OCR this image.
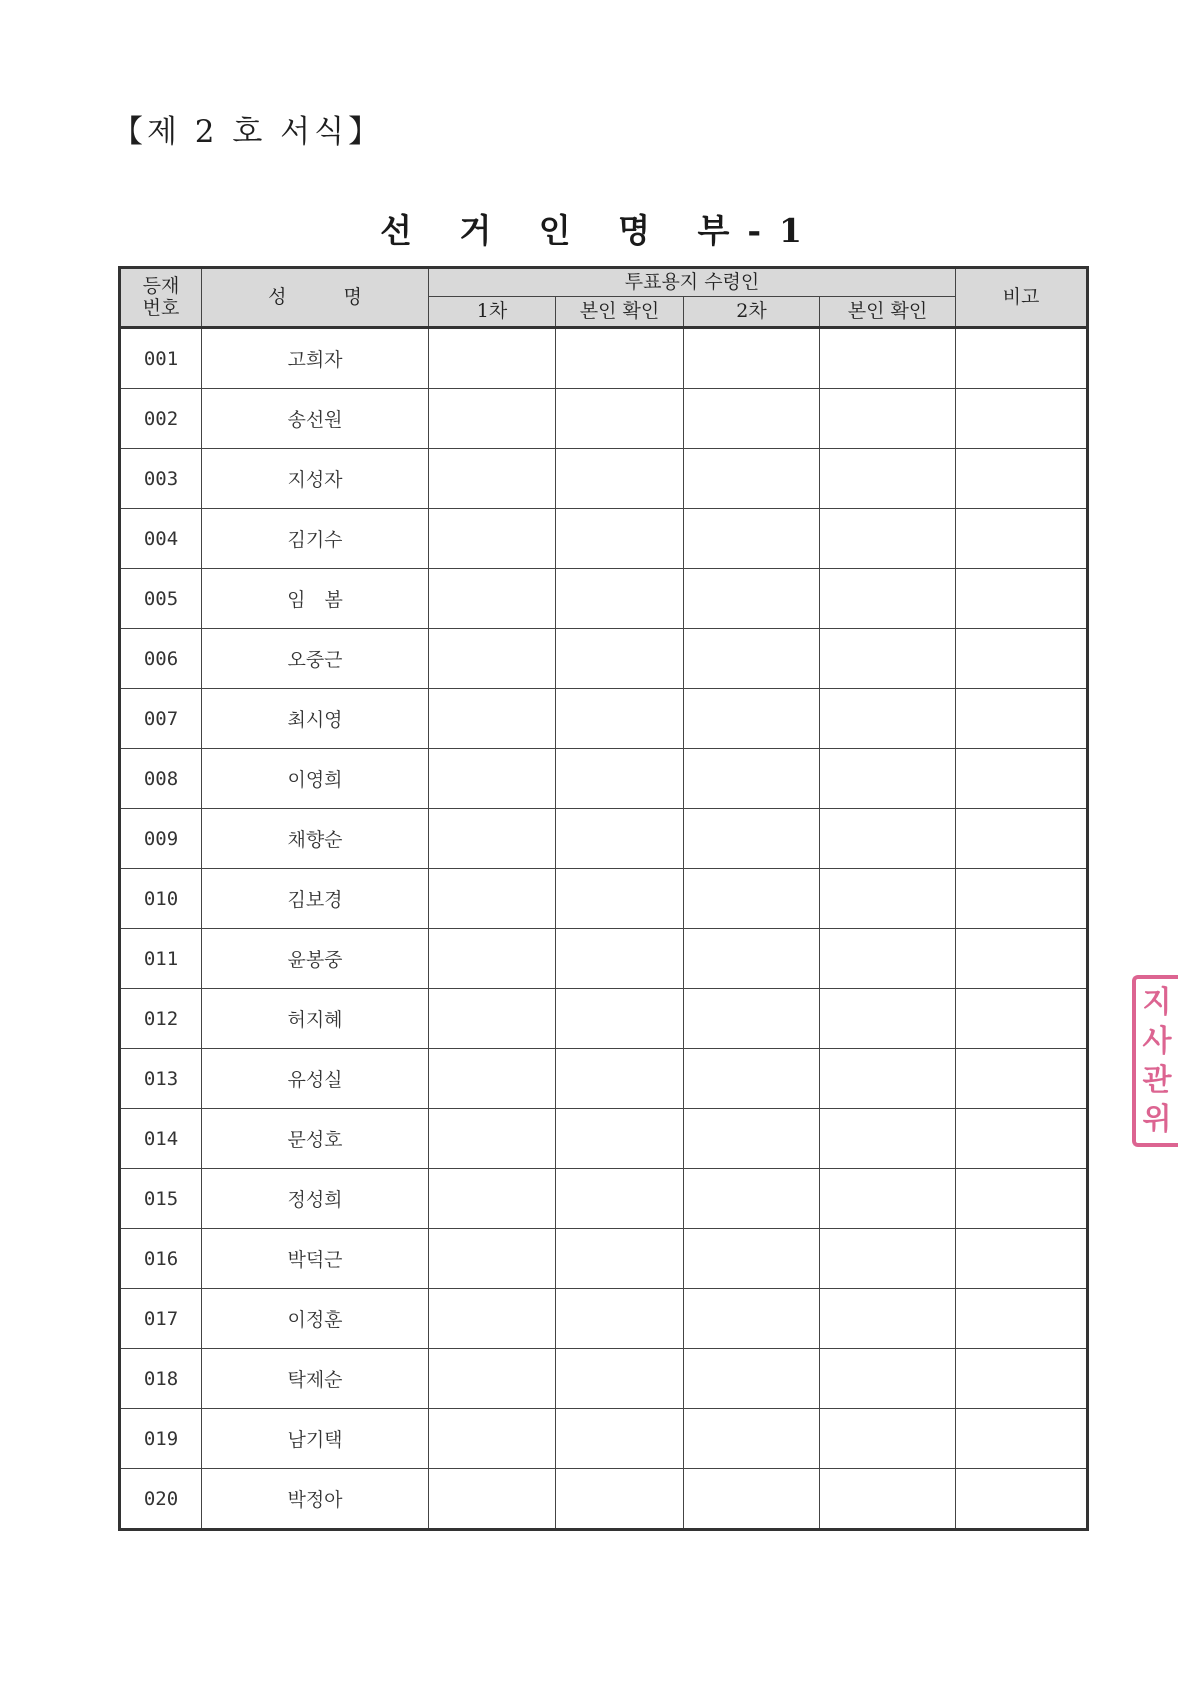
【제 2 호 서식】
선 거 인 명 부-1
등재
번호	성　　　명	투표용지 수령인				비고
		1차	본인 확인	2차	본인 확인	
001	고희자					
002	송선원					
003	지성자					
004	김기수					
005	임　봄					
006	오중근					
007	최시영					
008	이영희					
009	채향순					
010	김보경					
011	윤봉중					
012	허지혜					
013	유성실					
014	문성호					
015	정성희					
016	박덕근					
017	이정훈					
018	탁제순					
019	남기택					
020	박정아					
지
사
관
위
